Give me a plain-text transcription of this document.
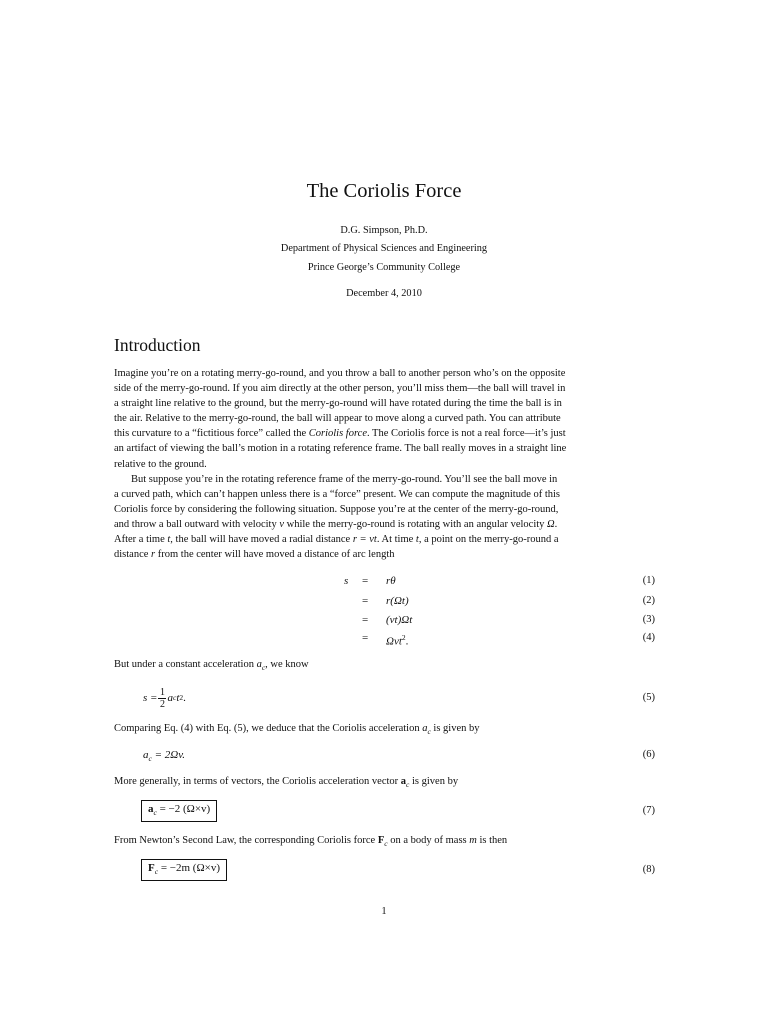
The Coriolis Force
D.G. Simpson, Ph.D.
Department of Physical Sciences and Engineering
Prince George’s Community College
December 4, 2010
Introduction
Imagine you’re on a rotating merry-go-round, and you throw a ball to another person who’s on the opposite
side of the merry-go-round. If you aim directly at the other person, you’ll miss them—the ball will travel in
a straight line relative to the ground, but the merry-go-round will have rotated during the time the ball is in
the air. Relative to the merry-go-round, the ball will appear to move along a curved path. You can attribute
this curvature to a “fictitious force” called the Coriolis force. The Coriolis force is not a real force—it’s just
an artifact of viewing the ball’s motion in a rotating reference frame. The ball really moves in a straight line
relative to the ground.
But suppose you’re in the rotating reference frame of the merry-go-round. You’ll see the ball move in
a curved path, which can’t happen unless there is a “force” present. We can compute the magnitude of this
Coriolis force by considering the following situation. Suppose you’re at the center of the merry-go-round,
and throw a ball outward with velocity v while the merry-go-round is rotating with an angular velocity Ω.
After a time t, the ball will have moved a radial distance r = vt. At time t, a point on the merry-go-round a
distance r from the center will have moved a distance of arc length
s = rθ	(1)
= r(Ωt)	(2)
= (vt)Ωt	(3)
= Ωvt$^2$.	(4)
But under a constant acceleration $a_c$, we know
$s = \frac{1}{2}$ a c t 2 .	(5)
Comparing Eq. (4) with Eq. (5), we deduce that the Coriolis acceleration $a_c$ is given by
$a_c = 2\Omega v$.	(6)
More generally, in terms of vectors, the Coriolis acceleration vector $a_c$ is given by
$a_c = -2$ (Ω×v)	(7)
From Newton’s Second Law, the corresponding Coriolis force $F_c$ on a body of mass m is then
$F_c = -2m$ (Ω×v)	(8)
1
